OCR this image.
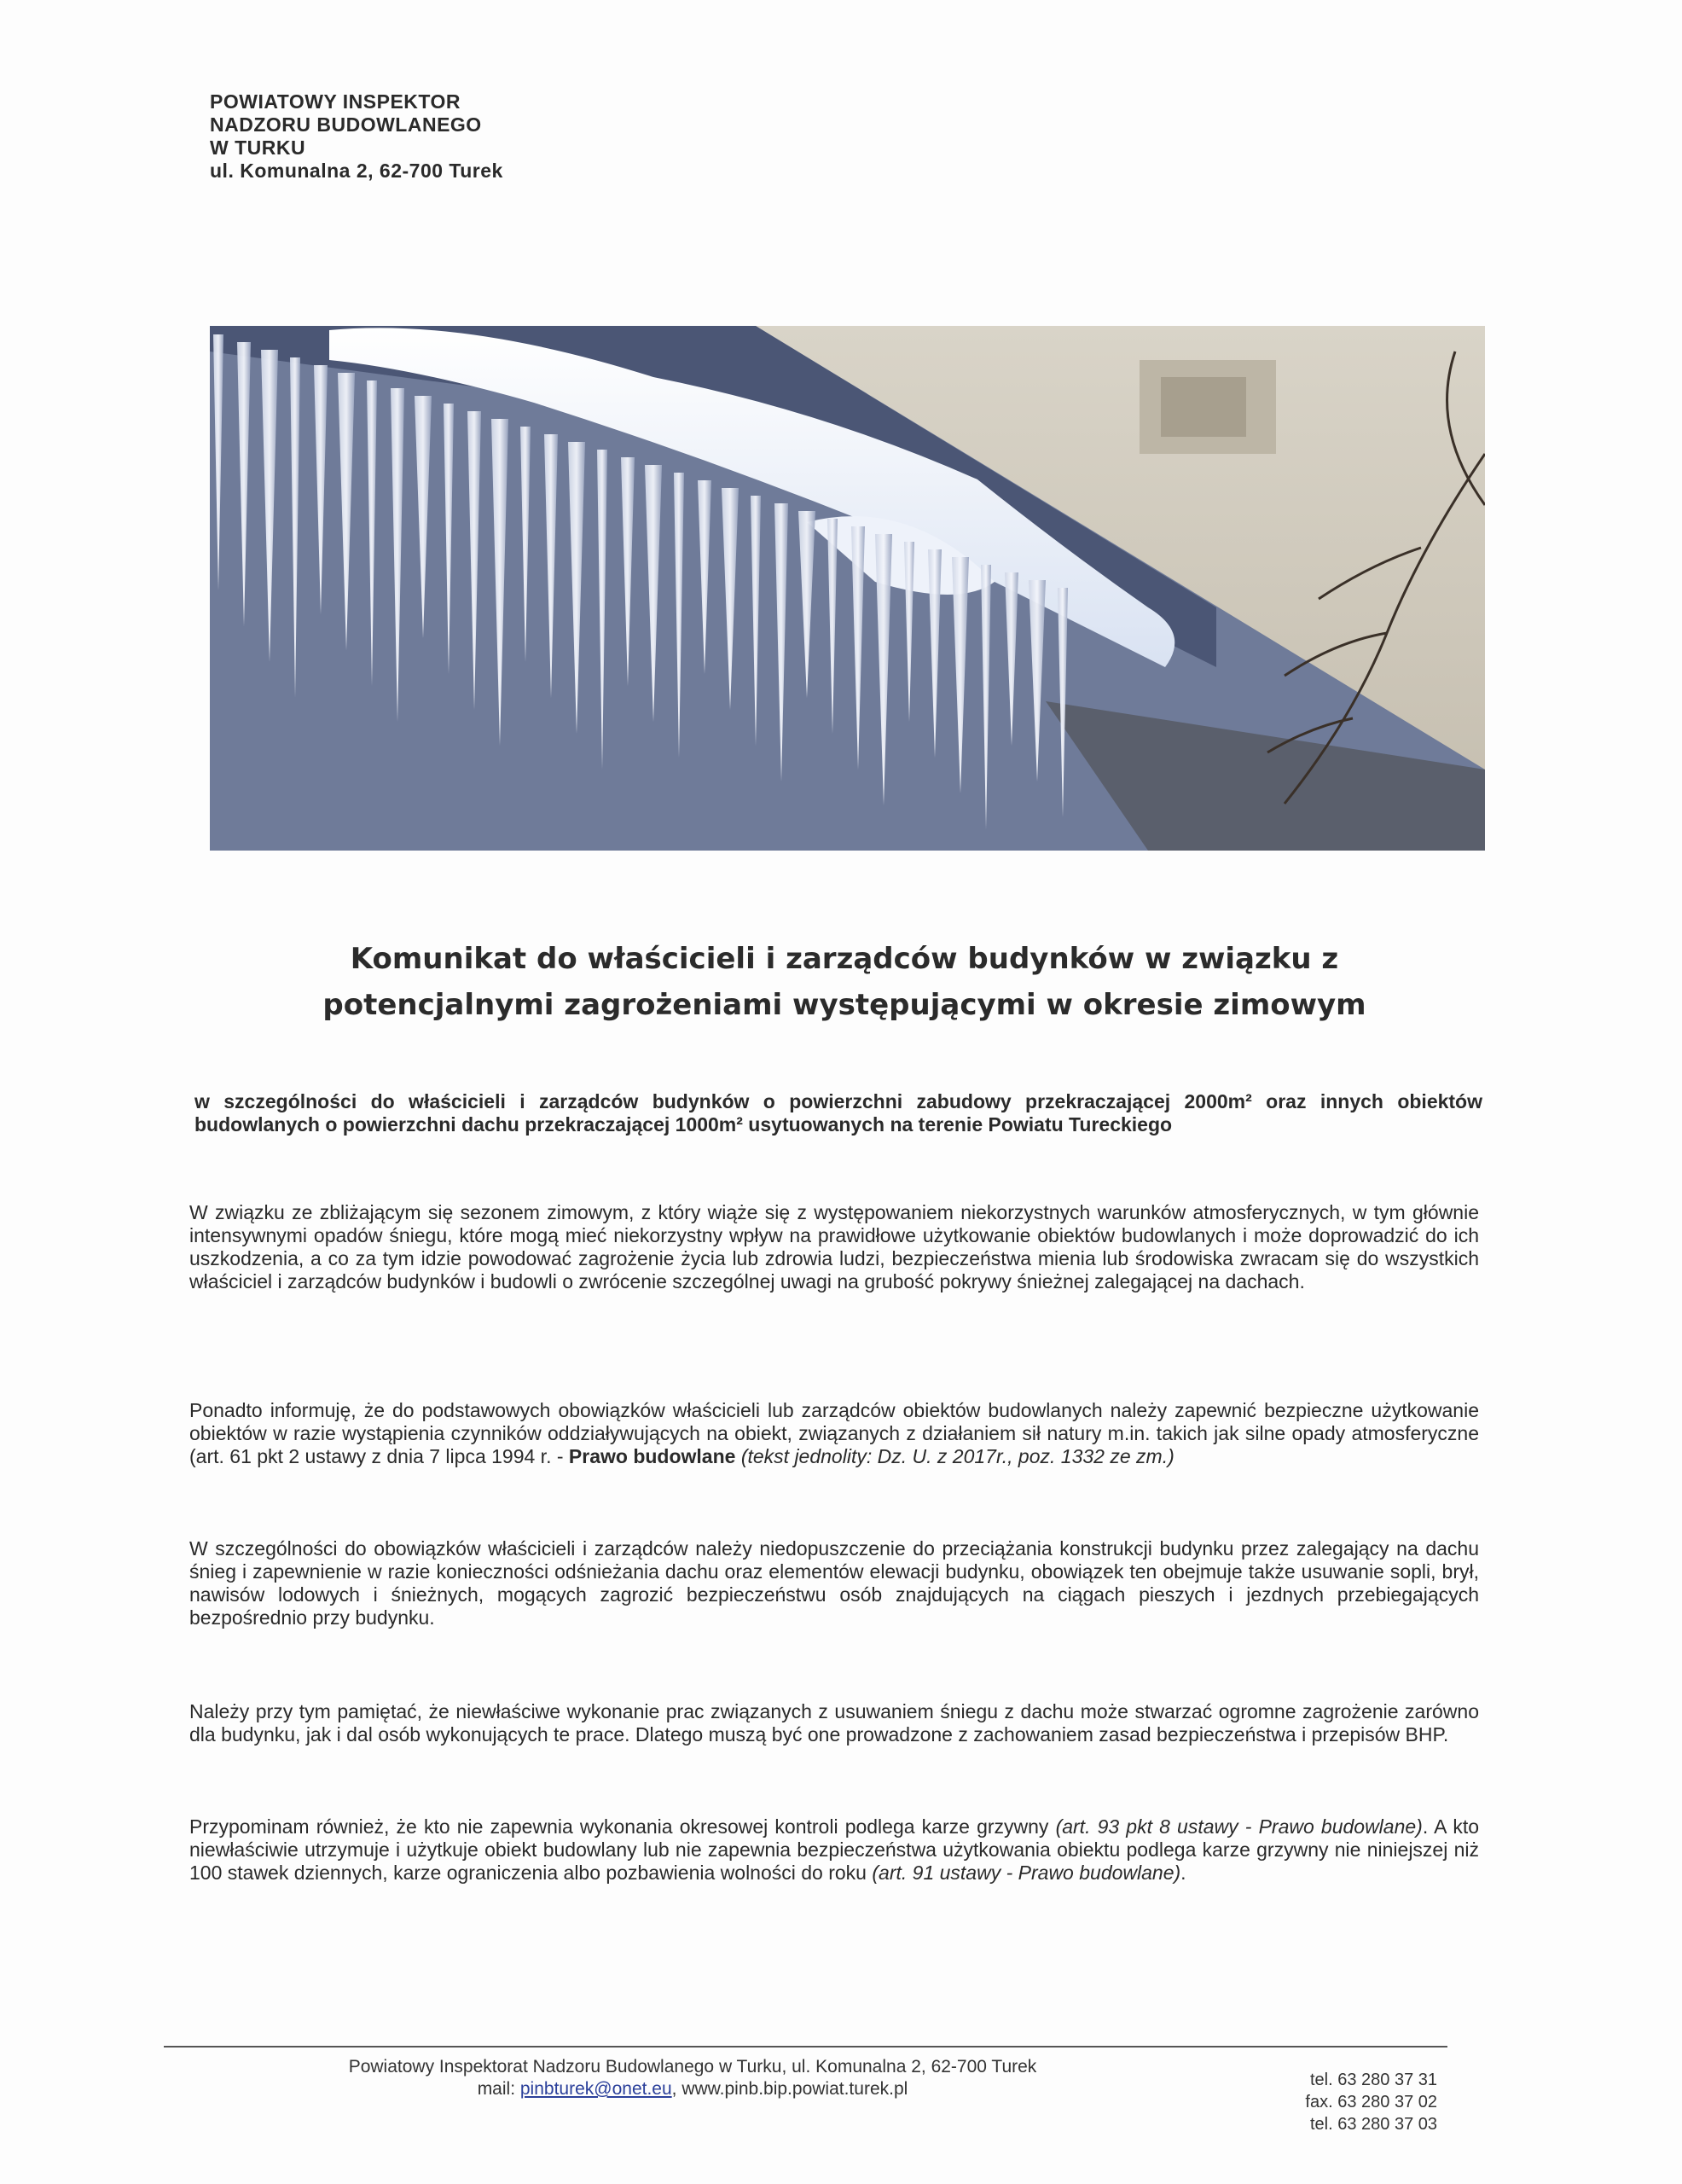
POWIATOWY INSPEKTOR
NADZORU BUDOWLANEGO
W TURKU
ul. Komunalna 2, 62-700 Turek
Komunikat do właścicieli i zarządców budynków w związku z
potencjalnymi zagrożeniami występującymi w okresie zimowym
w szczególności do właścicieli i zarządców budynków o powierzchni zabudowy przekraczającej 2000m² oraz innych obiektów budowlanych o powierzchni dachu przekraczającej 1000m² usytuowanych na terenie Powiatu Tureckiego
W związku ze zbliżającym się sezonem zimowym, z który wiąże się z występowaniem niekorzystnych warunków atmosferycznych, w tym głównie intensywnymi opadów śniegu, które mogą mieć niekorzystny wpływ na prawidłowe użytkowanie obiektów budowlanych i może doprowadzić do ich uszkodzenia, a co za tym idzie powodować zagrożenie życia lub zdrowia ludzi, bezpieczeństwa mienia lub środowiska zwracam się do wszystkich właściciel i zarządców budynków i budowli o zwrócenie szczególnej uwagi na grubość pokrywy śnieżnej zalegającej na dachach.
Ponadto informuję, że do podstawowych obowiązków właścicieli lub zarządców obiektów budowlanych należy zapewnić bezpieczne użytkowanie obiektów w razie wystąpienia czynników oddziaływujących na obiekt, związanych z działaniem sił natury m.in. takich jak silne opady atmosferyczne (art. 61 pkt 2 ustawy z dnia 7 lipca 1994 r. - Prawo budowlane (tekst jednolity: Dz. U. z 2017r., poz. 1332 ze zm.)
W szczególności do obowiązków właścicieli i zarządców należy niedopuszczenie do przeciążania konstrukcji budynku przez zalegający na dachu śnieg i zapewnienie w razie konieczności odśnieżania dachu oraz elementów elewacji budynku, obowiązek ten obejmuje także usuwanie sopli, brył, nawisów lodowych i śnieżnych, mogących zagrozić bezpieczeństwu osób znajdujących na ciągach pieszych i jezdnych przebiegających bezpośrednio przy budynku.
Należy przy tym pamiętać, że niewłaściwe wykonanie prac związanych z usuwaniem śniegu z dachu może stwarzać ogromne zagrożenie zarówno dla budynku, jak i dal osób wykonujących te prace. Dlatego muszą być one prowadzone z zachowaniem zasad bezpieczeństwa i przepisów BHP.
Przypominam również, że kto nie zapewnia wykonania okresowej kontroli podlega karze grzywny (art. 93 pkt 8 ustawy - Prawo budowlane). A kto niewłaściwie utrzymuje i użytkuje obiekt budowlany lub nie zapewnia bezpieczeństwa użytkowania obiektu podlega karze grzywny nie niniejszej niż 100 stawek dziennych, karze ograniczenia albo pozbawienia wolności do roku (art. 91 ustawy - Prawo budowlane).
Powiatowy Inspektorat Nadzoru Budowlanego w Turku, ul. Komunalna 2, 62-700 Turek
mail: pinbturek@onet.eu, www.pinb.bip.powiat.turek.pl	tel. 63 280 37 31
fax. 63 280 37 02
tel. 63 280 37 03
